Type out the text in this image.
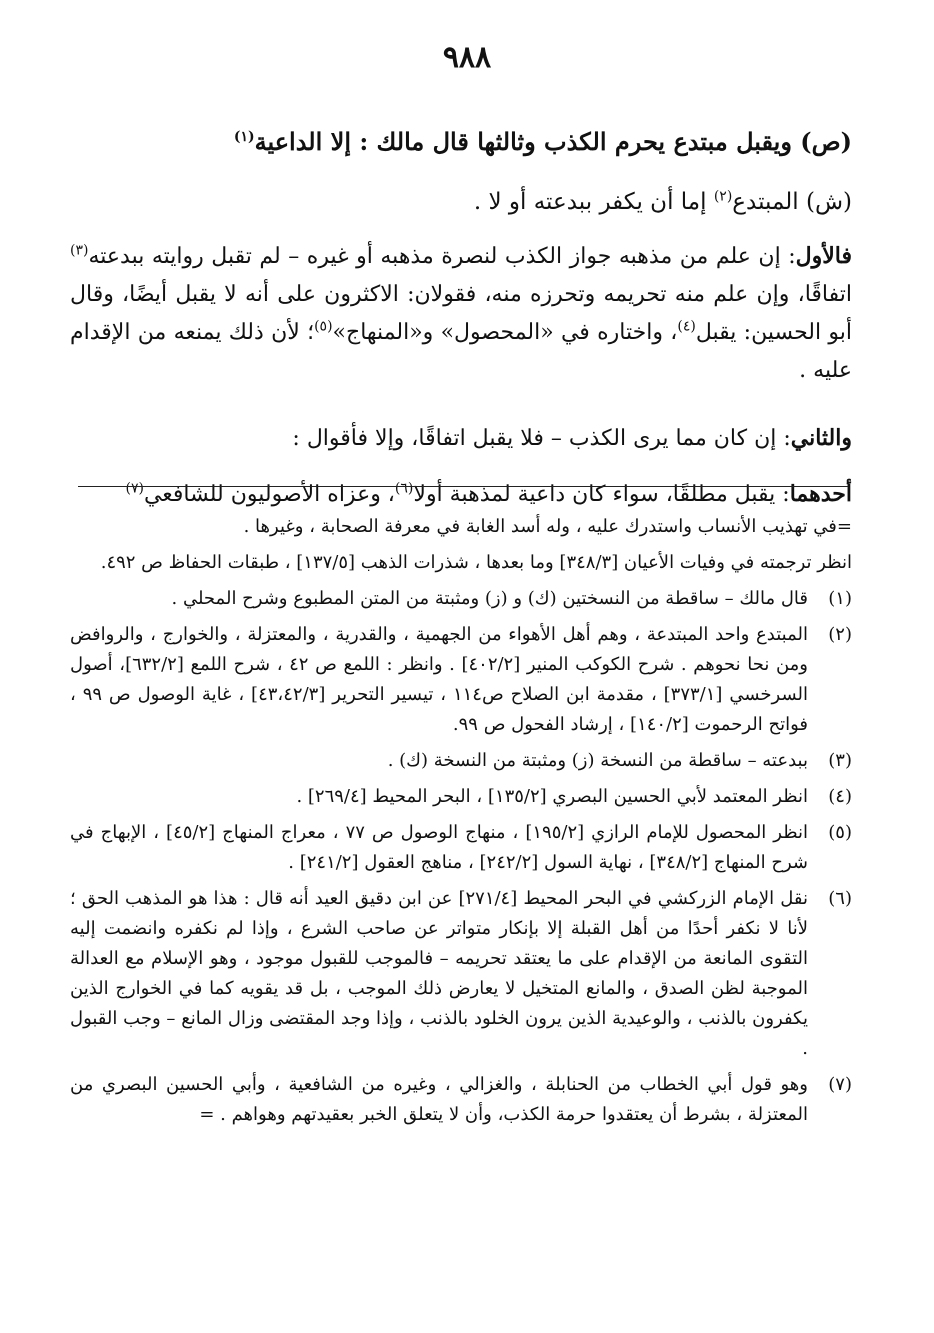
٩٨٨

(ص) ويقبل مبتدع يحرم الكذب وثالثها قال مالك : إلا الداعية$^{(١)}$

(ش) المبتدع$^{(٢)}$ إما أن يكفر ببدعته أو لا .

فالأول: إن علم من مذهبه جواز الكذب لنصرة مذهبه أو غيره – لم تقبل روايته ببدعته$^{(٣)}$ اتفاقًا، وإن علم منه تحريمه وتحرزه منه، فقولان: الاكثرون على أنه لا يقبل أيضًا، وقال أبو الحسين: يقبل$^{(٤)}$، واختاره في «المحصول» و«المنهاج»$^{(٥)}$؛ لأن ذلك يمنعه من الإقدام عليه .

والثاني: إن كان مما يرى الكذب – فلا يقبل اتفاقًا، وإلا فأقوال :

أحدهما: يقبل مطلقًا، سواء كان داعية لمذهبة أولا$^{(٦)}$، وعزاه الأصوليون للشافعي$^{(٧)}$

=في تهذيب الأنساب واستدرك عليه ، وله أسد الغابة في معرفة الصحابة ، وغيرها .

انظر ترجمته في وفيات الأعيان [٣٤٨/٣] وما بعدها ، شذرات الذهب [١٣٧/٥] ، طبقات الحفاظ ص ٤٩٢.

(١)
قال مالك – ساقطة من النسختين (ك) و (ز) ومثبتة من المتن المطبوع وشرح المحلي .
(٢)
المبتدع واحد المبتدعة ، وهم أهل الأهواء من الجهمية ، والقدرية ، والمعتزلة ، والخوارج ، والروافض ومن نحا نحوهم . شرح الكوكب المنير [٤٠٢/٢] . وانظر : اللمع ص ٤٢ ، شرح اللمع [٦٣٢/٢]، أصول السرخسي [٣٧٣/١] ، مقدمة ابن الصلاح ص١١٤ ، تيسير التحرير [٤٣،٤٢/٣] ، غاية الوصول ص ٩٩ ، فواتح الرحموت [١٤٠/٢] ، إرشاد الفحول ص ٩٩.
(٣)
ببدعته – ساقطة من النسخة (ز) ومثبتة من النسخة (ك) .
(٤)
انظر المعتمد لأبي الحسين البصري [١٣٥/٢] ، البحر المحيط [٢٦٩/٤] .
(٥)
انظر المحصول للإمام الرازي [١٩٥/٢] ، منهاج الوصول ص ٧٧ ، معراج المنهاج [٤٥/٢] ، الإبهاج في شرح المنهاج [٣٤٨/٢] ، نهاية السول [٢٤٢/٢] ، مناهج العقول [٢٤١/٢] .
(٦)
نقل الإمام الزركشي في البحر المحيط [٢٧١/٤] عن ابن دقيق العيد أنه قال : هذا هو المذهب الحق ؛ لأنا لا نكفر أحدًا من أهل القبلة إلا بإنكار متواتر عن صاحب الشرع ، وإذا لم نكفره وانضمت إليه التقوى المانعة من الإقدام على ما يعتقد تحريمه – فالموجب للقبول موجود ، وهو الإسلام مع العدالة الموجبة لظن الصدق ، والمانع المتخيل لا يعارض ذلك الموجب ، بل قد يقويه كما في الخوارج الذين يكفرون بالذنب ، والوعيدية الذين يرون الخلود بالذنب ، وإذا وجد المقتضى وزال المانع – وجب القبول .
(٧)
وهو قول أبي الخطاب من الحنابلة ، والغزالي ، وغيره من الشافعية ، وأبي الحسين البصري من المعتزلة ، بشرط أن يعتقدوا حرمة الكذب، وأن لا يتعلق الخبر بعقيدتهم وهواهم . =
